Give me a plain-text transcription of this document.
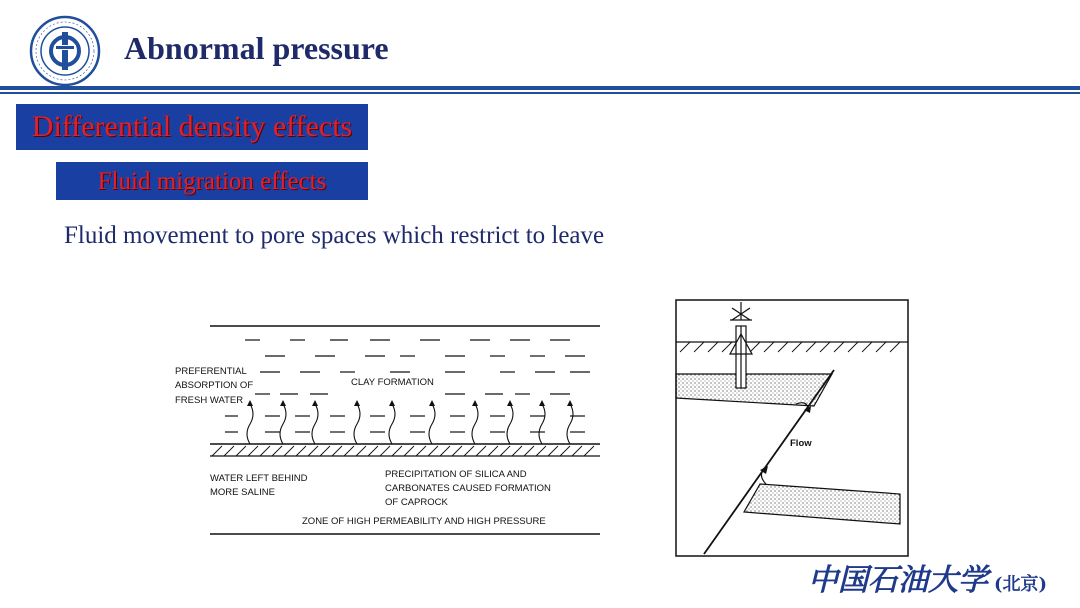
Abnormal pressure
Differential density effects
Fluid migration effects

Fluid movement to pore spaces which restrict to leave

PREFERENTIAL
ABSORPTION OF
FRESH WATER
CLAY FORMATION
WATER LEFT BEHIND
MORE SALINE
PRECIPITATION OF SILICA AND
CARBONATES CAUSED FORMATION
OF CAPROCK
ZONE OF HIGH PERMEABILITY AND HIGH PRESSURE
Flow
中国石油大学 (北京)
